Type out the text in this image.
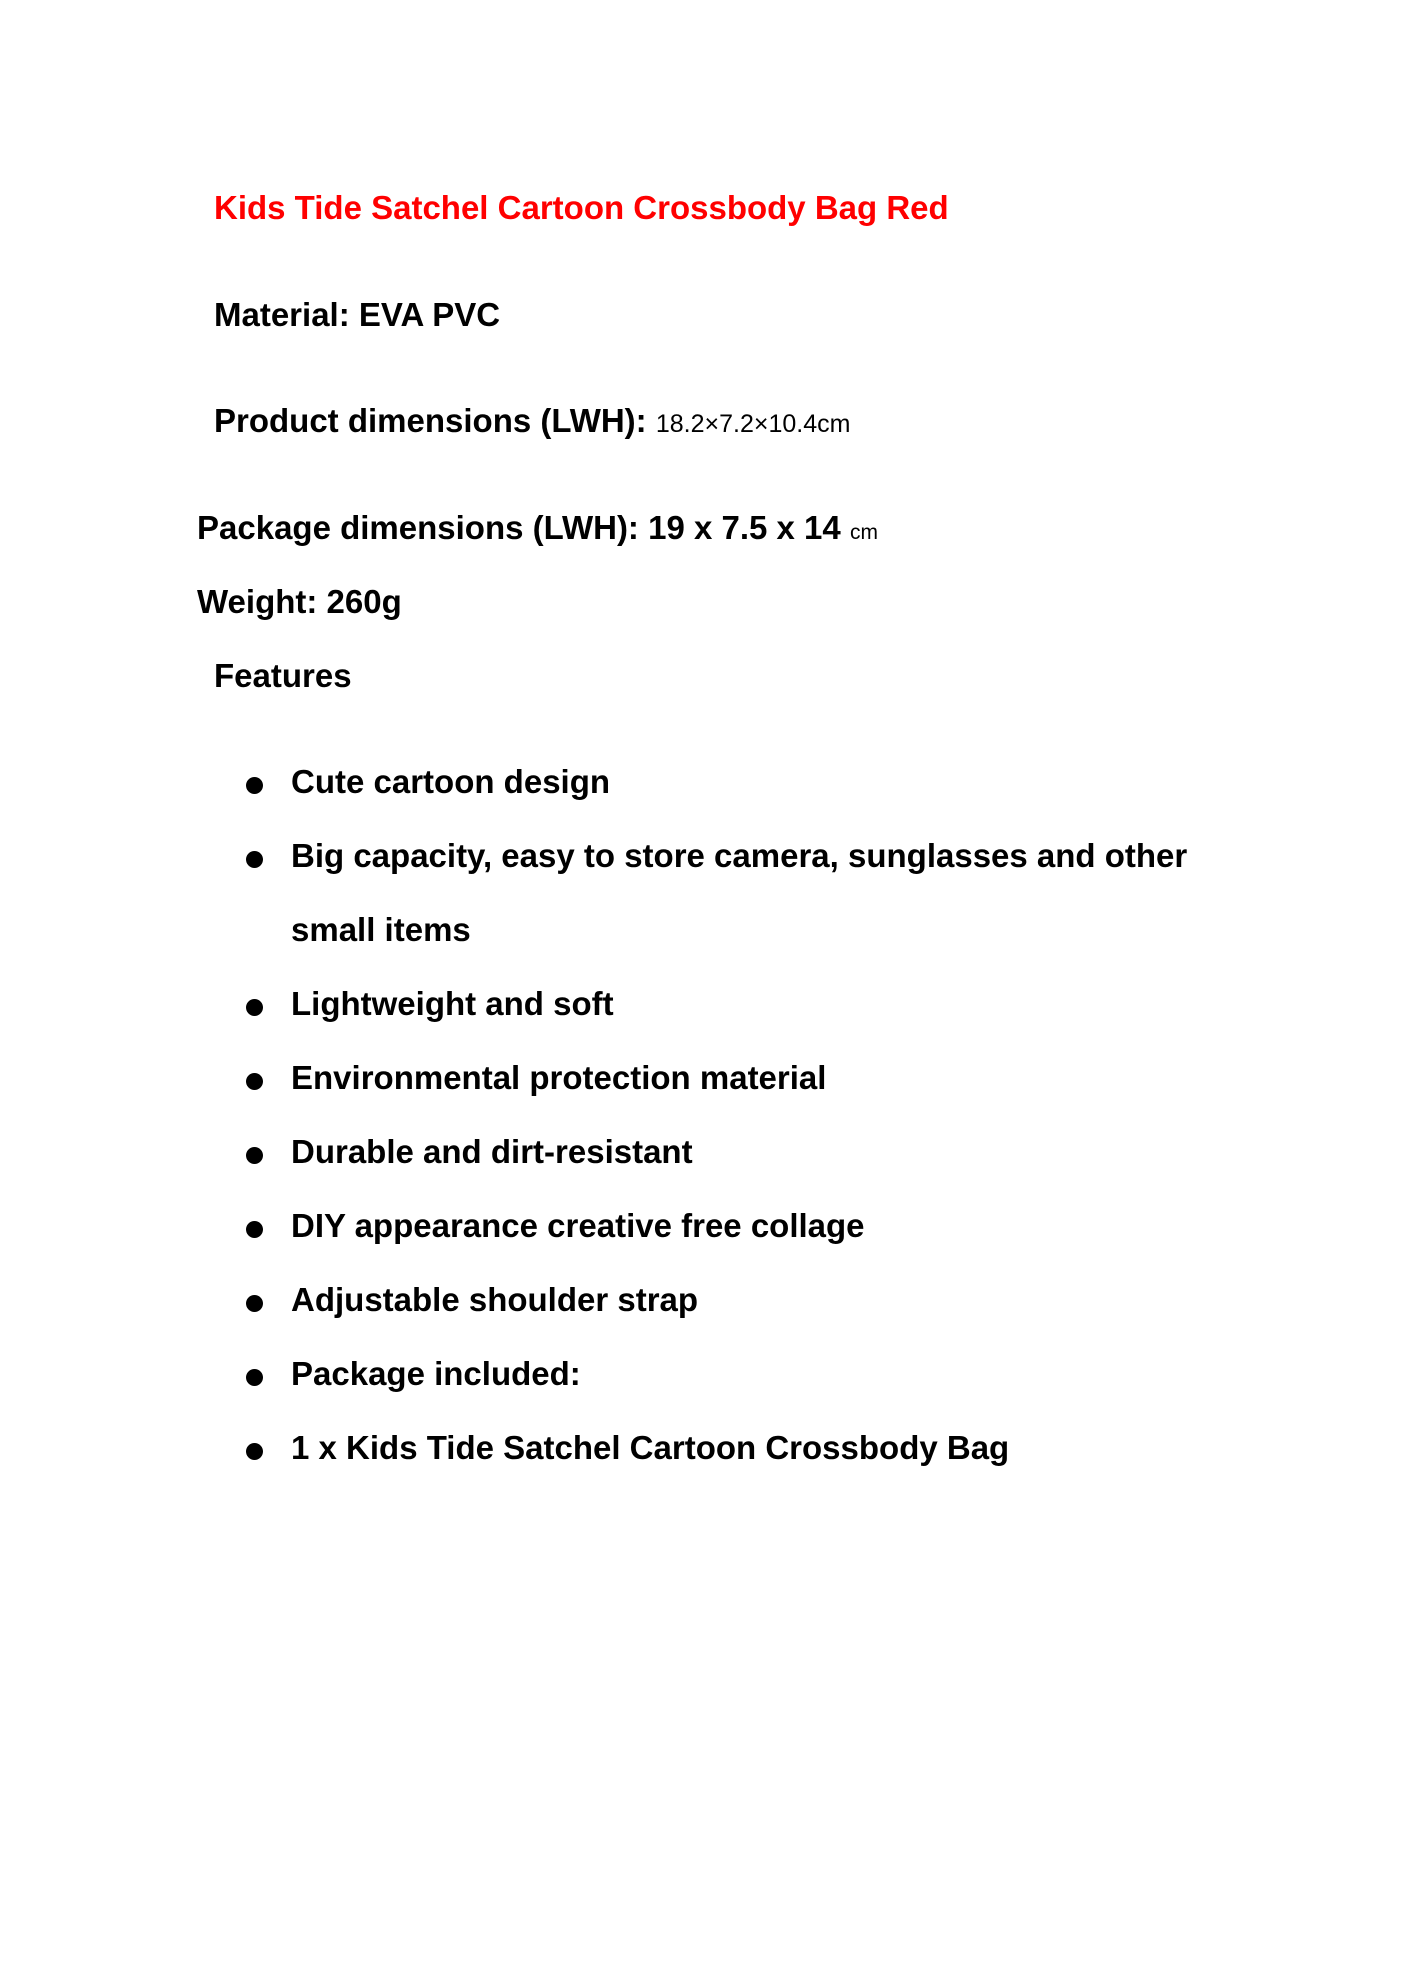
Kids Tide Satchel Cartoon Crossbody Bag Red
Material: EVA PVC
Product dimensions (LWH): 18.2×7.2×10.4cm
Package dimensions (LWH): 19 x 7.5 x 14 cm
Weight: 260g
Features
Cute cartoon design
Big capacity, easy to store camera, sunglasses and other
small items
Lightweight and soft
Environmental protection material
Durable and dirt-resistant
DIY appearance creative free collage
Adjustable shoulder strap
Package included:
1 x Kids Tide Satchel Cartoon Crossbody Bag
